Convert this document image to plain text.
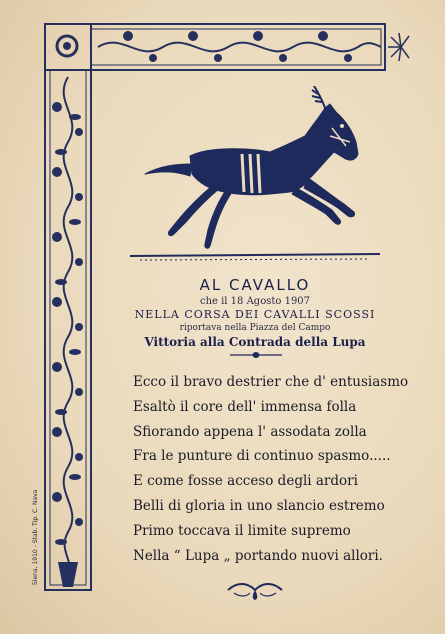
AL CAVALLO
che il 18 Agosto 1907
NELLA CORSA DEI CAVALLI SCOSSI
riportava nella Piazza del Campo
Vittoria alla Contrada della Lupa
Ecco il bravo destrier che d' entusiasmo
Esaltò il core dell' immensa folla
Sfiorando appena l' assodata zolla
Fra le punture di continuo spasmo.....
E come fosse acceso degli ardori
Belli di gloria in uno slancio estremo
Primo toccava il limite supremo
Nella “ Lupa „ portando nuovi allori.
Siena, 1910 - Stab. Tip. C. Nava
